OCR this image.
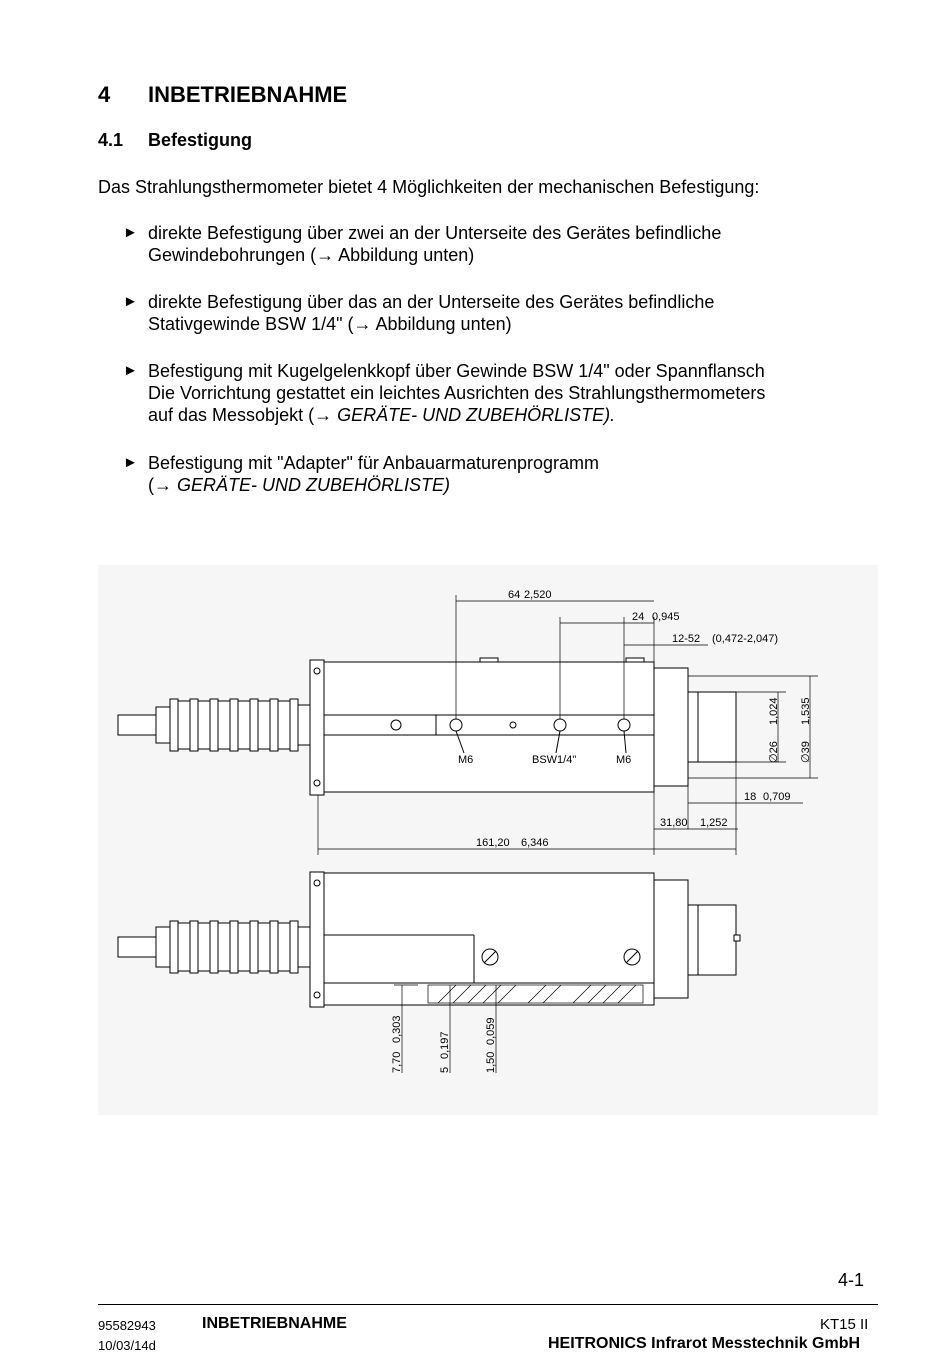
4 INBETRIEBNAHME
4.1 Befestigung
Das Strahlungsthermometer bietet 4 Möglichkeiten der mechanischen Befestigung:
► direkte Befestigung über zwei an der Unterseite des Gerätes befindliche
Gewindebohrungen (→ Abbildung unten)
► direkte Befestigung über das an der Unterseite des Gerätes befindliche
Stativgewinde BSW 1/4" (→ Abbildung unten)
► Befestigung mit Kugelgelenkkopf über Gewinde BSW 1/4" oder Spannflansch
Die Vorrichtung gestattet ein leichtes Ausrichten des Strahlungsthermometers
auf das Messobjekt (→ GERÄTE- UND ZUBEHÖRLISTE).
► Befestigung mit "Adapter" für Anbauarmaturenprogramm
(→ GERÄTE- UND ZUBEHÖRLISTE)
64 2,520
24 0,945
12-52 (0,472-2,047)
M6	BSW1/4"	M6	∅26
1,024
∅39
1,535
18 0,709
31,80 1,252
161,20 6,346
7,70
0,303
5
0,197
1,50
0,059
4-1
95582943
10/03/14d
INBETRIEBNAHME	KT15 II
HEITRONICS Infrarot Messtechnik GmbH
